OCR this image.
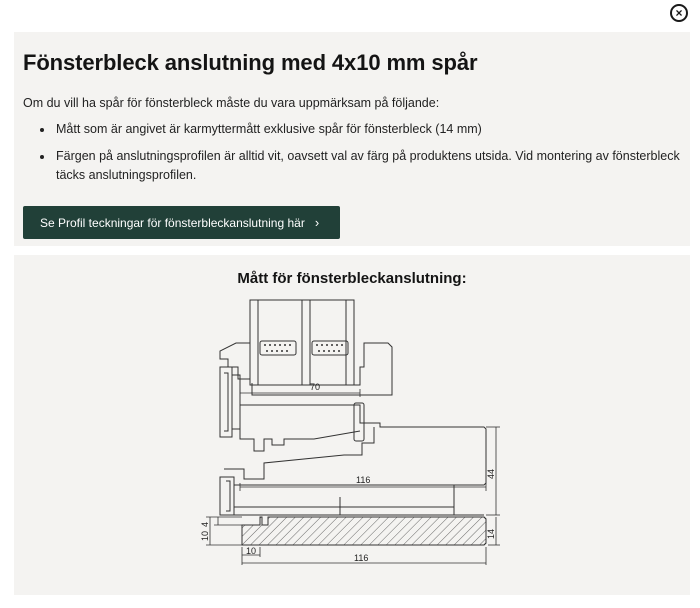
×
Fönsterbleck anslutning med 4x10 mm spår

Om du vill ha spår för fönsterbleck måste du vara uppmärksam på följande:

• Mått som är angivet är karmyttermått exklusive spår för fönsterbleck (14 mm)
• Färgen på anslutningsprofilen är alltid vit, oavsett val av färg på produktens utsida. Vid montering av fönsterbleck täcks anslutningsprofilen.
Se Profil teckningar för fönsterbleckanslutning här ›
Mått för fönsterbleckanslutning:
70
116
44
14
10
4
10
116
